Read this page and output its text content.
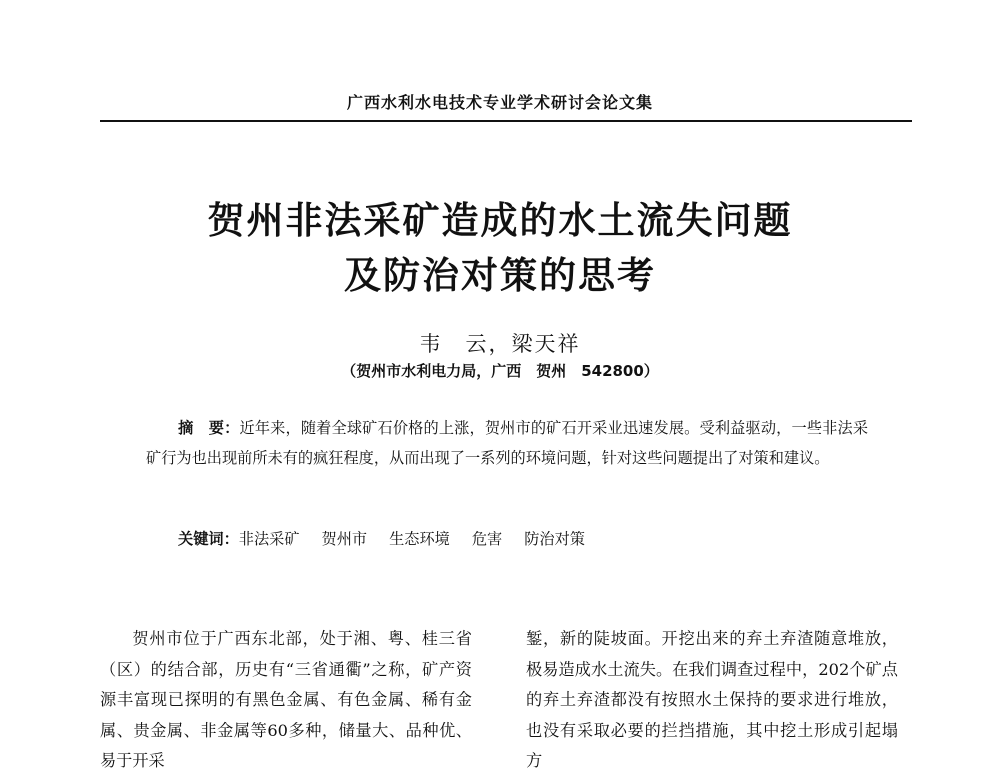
广西水利水电技术专业学术研讨会论文集
贺州非法采矿造成的水土流失问题
及防治对策的思考
韦　云，梁天祥
（贺州市水利电力局，广西　贺州　542800）
摘　要：近年来，随着全球矿石价格的上涨，贺州市的矿石开采业迅速发展。受利益驱动，一些非法采矿行为也出现前所未有的疯狂程度，从而出现了一系列的环境问题，针对这些问题提出了对策和建议。
关键词：非法采矿 贺州市 生态环境 危害 防治对策
贺州市位于广西东北部，处于湘、粤、桂三省（区）的结合部，历史有“三省通衢”之称，矿产资源丰富现已探明的有黑色金属、有色金属、稀有金属、贵金属、非金属等60多种，储量大、品种优、易于开采
錾，新的陡坡面。开挖出来的弃土弃渣随意堆放，极易造成水土流失。在我们调查过程中，202个矿点的弃土弃渣都没有按照水土保持的要求进行堆放，也没有采取必要的拦挡措施，其中挖土形成引起塌方
